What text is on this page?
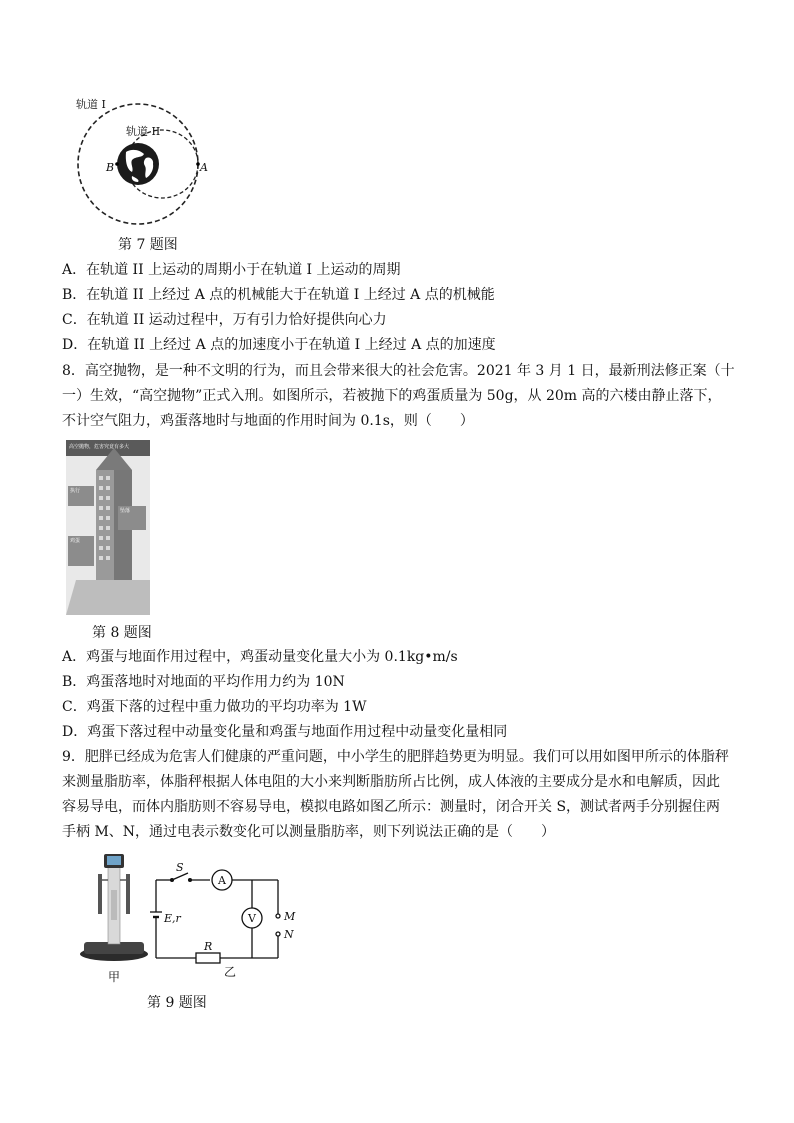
轨道 I
轨道 II
B	A
第 7 题图
A．在轨道 II 上运动的周期小于在轨道 I 上运动的周期
B．在轨道 II 上经过 A 点的机械能大于在轨道 I 上经过 A 点的机械能
C．在轨道 II 运动过程中，万有引力恰好提供向心力
D．在轨道 II 上经过 A 点的加速度小于在轨道 I 上经过 A 点的加速度
8．高空抛物，是一种不文明的行为，而且会带来很大的社会危害。2021 年 3 月 1 日，最新刑法修正案（十
一）生效，“高空抛物”正式入刑。如图所示，若被抛下的鸡蛋质量为 50g，从 20m 高的六楼由静止落下，
不计空气阻力，鸡蛋落地时与地面的作用时间为 0.1s，则（　　）
高空抛物，危害究竟有多大
执行
坠落
鸡蛋
第 8 题图
A．鸡蛋与地面作用过程中，鸡蛋动量变化量大小为 0.1kg•m/s
B．鸡蛋落地时对地面的平均作用力约为 10N
C．鸡蛋下落的过程中重力做功的平均功率为 1W
D．鸡蛋下落过程中动量变化量和鸡蛋与地面作用过程中动量变化量相同
9．肥胖已经成为危害人们健康的严重问题，中小学生的肥胖趋势更为明显。我们可以用如图甲所示的体脂秤
来测量脂肪率，体脂秤根据人体电阻的大小来判断脂肪所占比例，成人体液的主要成分是水和电解质，因此
容易导电，而体内脂肪则不容易导电，模拟电路如图乙所示：测量时，闭合开关 S，测试者两手分别握住两
手柄 M、N，通过电表示数变化可以测量脂肪率，则下列说法正确的是（　　）
甲
S
A
V
E,r
R
M
N
乙
第 9 题图
